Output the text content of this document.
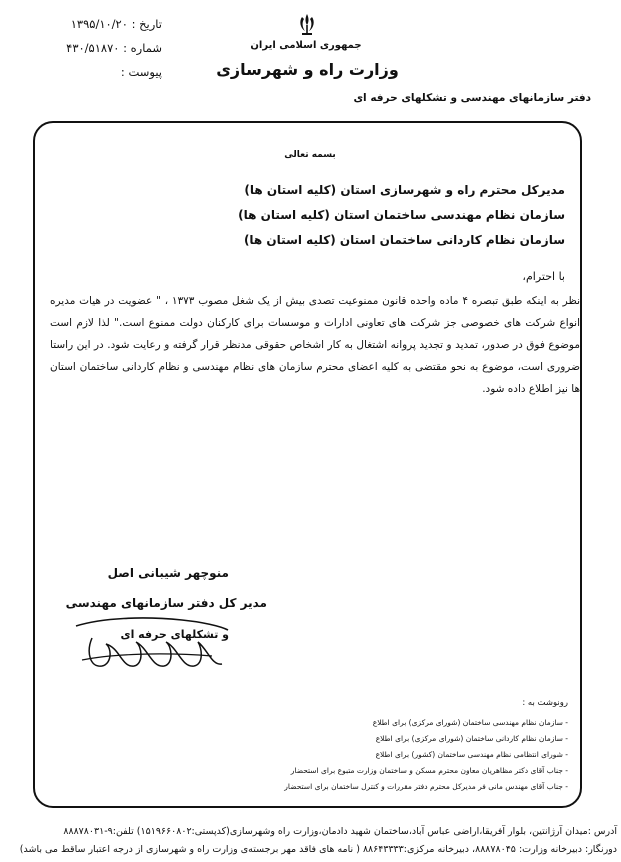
تاریخ : ۱۳۹۵/۱۰/۲۰
شماره : ۴۳۰/۵۱۸۷۰
پیوست :
جمهوری اسلامی ایران
وزارت راه و شهرسازی
دفتر سازمانهای مهندسی و تشکلهای حرفه ای
بسمه تعالی
مدیرکل محترم راه و شهرسازی استان (کلیه استان ها)
سازمان نظام مهندسی ساختمان استان (کلیه استان ها)
سازمان نظام کاردانی ساختمان استان (کلیه استان ها)
با احترام،
نظر به اینکه طبق تبصره ۴ ماده واحده قانون ممنوعیت تصدی بیش از یک شغل مصوب ۱۳۷۳ ، " عضویت در هیات مدیره انواع شرکت های خصوصی جز شرکت های تعاونی ادارات و موسسات برای کارکنان دولت ممنوع است." لذا لازم است موضوع فوق در صدور، تمدید و تجدید پروانه اشتغال به کار اشخاص حقوقی مدنظر قرار گرفته و رعایت شود. در این راستا ضروری است، موضوع به نحو مقتضی به کلیه اعضای محترم سازمان های نظام مهندسی و نظام کاردانی ساختمان استان ها نیز اطلاع داده شود.
منوچهر شیبانی اصل
مدیر کل دفتر سازمانهای مهندسی
و تشکلهای حرفه ای
رونوشت به :
- سازمان نظام مهندسی ساختمان (شورای مرکزی) برای اطلاع
- سازمان نظام کاردانی ساختمان (شورای مرکزی) برای اطلاع
- شورای انتظامی نظام مهندسی ساختمان (کشور) برای اطلاع
- جناب آقای دکتر مظاهریان معاون محترم مسکن و ساختمان وزارت متبوع برای استحضار
- جناب آقای مهندس مانی فر مدیرکل محترم دفتر مقررات و کنترل ساختمان برای استحضار
آدرس :میدان آرژانتین، بلوار آفریقا،اراضی عباس آباد،ساختمان شهید دادمان،وزارت راه وشهرسازی(کدپستی:۱۵۱۹۶۶۰۸۰۲) تلفن:۹-۸۸۸۷۸۰۳۱
دورنگار: دبیرخانه وزارت: ۸۸۸۷۸۰۴۵، دبیرخانه مرکزی:۸۸۶۴۳۳۳۳ ( نامه های فاقد مهر برجسته‌ی وزارت راه و شهرسازی از درجه اعتبار ساقط می باشد)
